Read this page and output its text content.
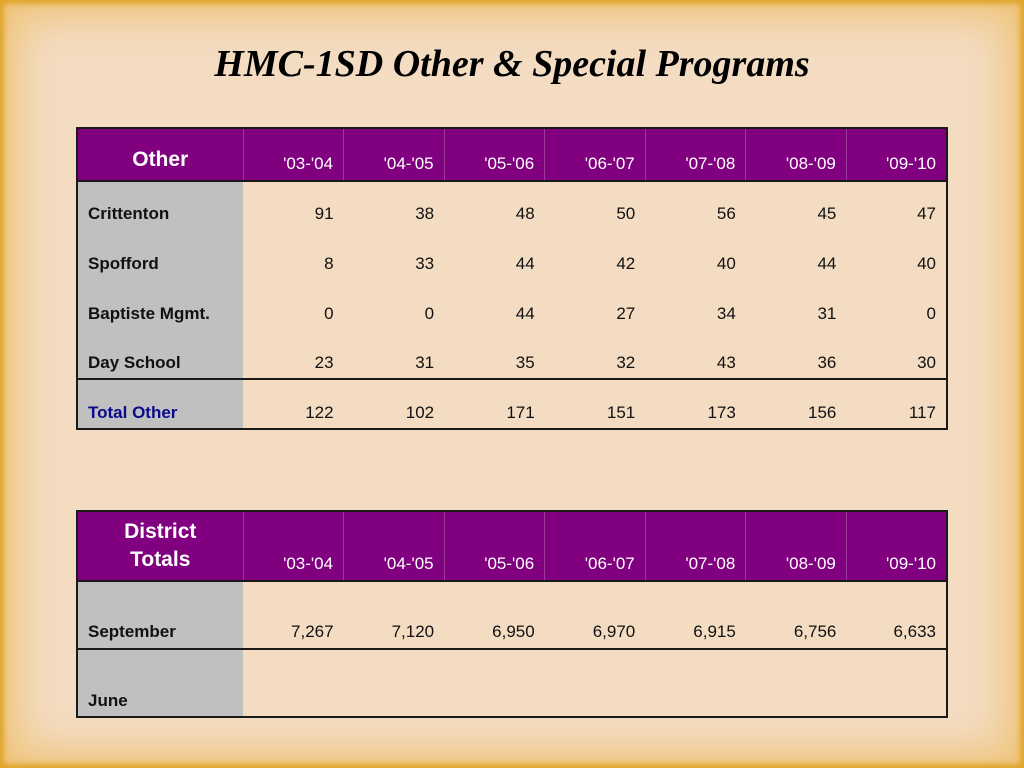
HMC-1SD Other & Special Programs
Other	'03-'04	'04-'05	'05-'06	'06-'07	'07-'08	'08-'09	'09-'10
Crittenton	91	38	48	50	56	45	47
Spofford	8	33	44	42	40	44	40
Baptiste Mgmt.	0	0	44	27	34	31	0
Day School	23	31	35	32	43	36	30
Total Other	122	102	171	151	173	156	117
District
Totals	'03-'04	'04-'05	'05-'06	'06-'07	'07-'08	'08-'09	'09-'10
September	7,267	7,120	6,950	6,970	6,915	6,756	6,633
June							
